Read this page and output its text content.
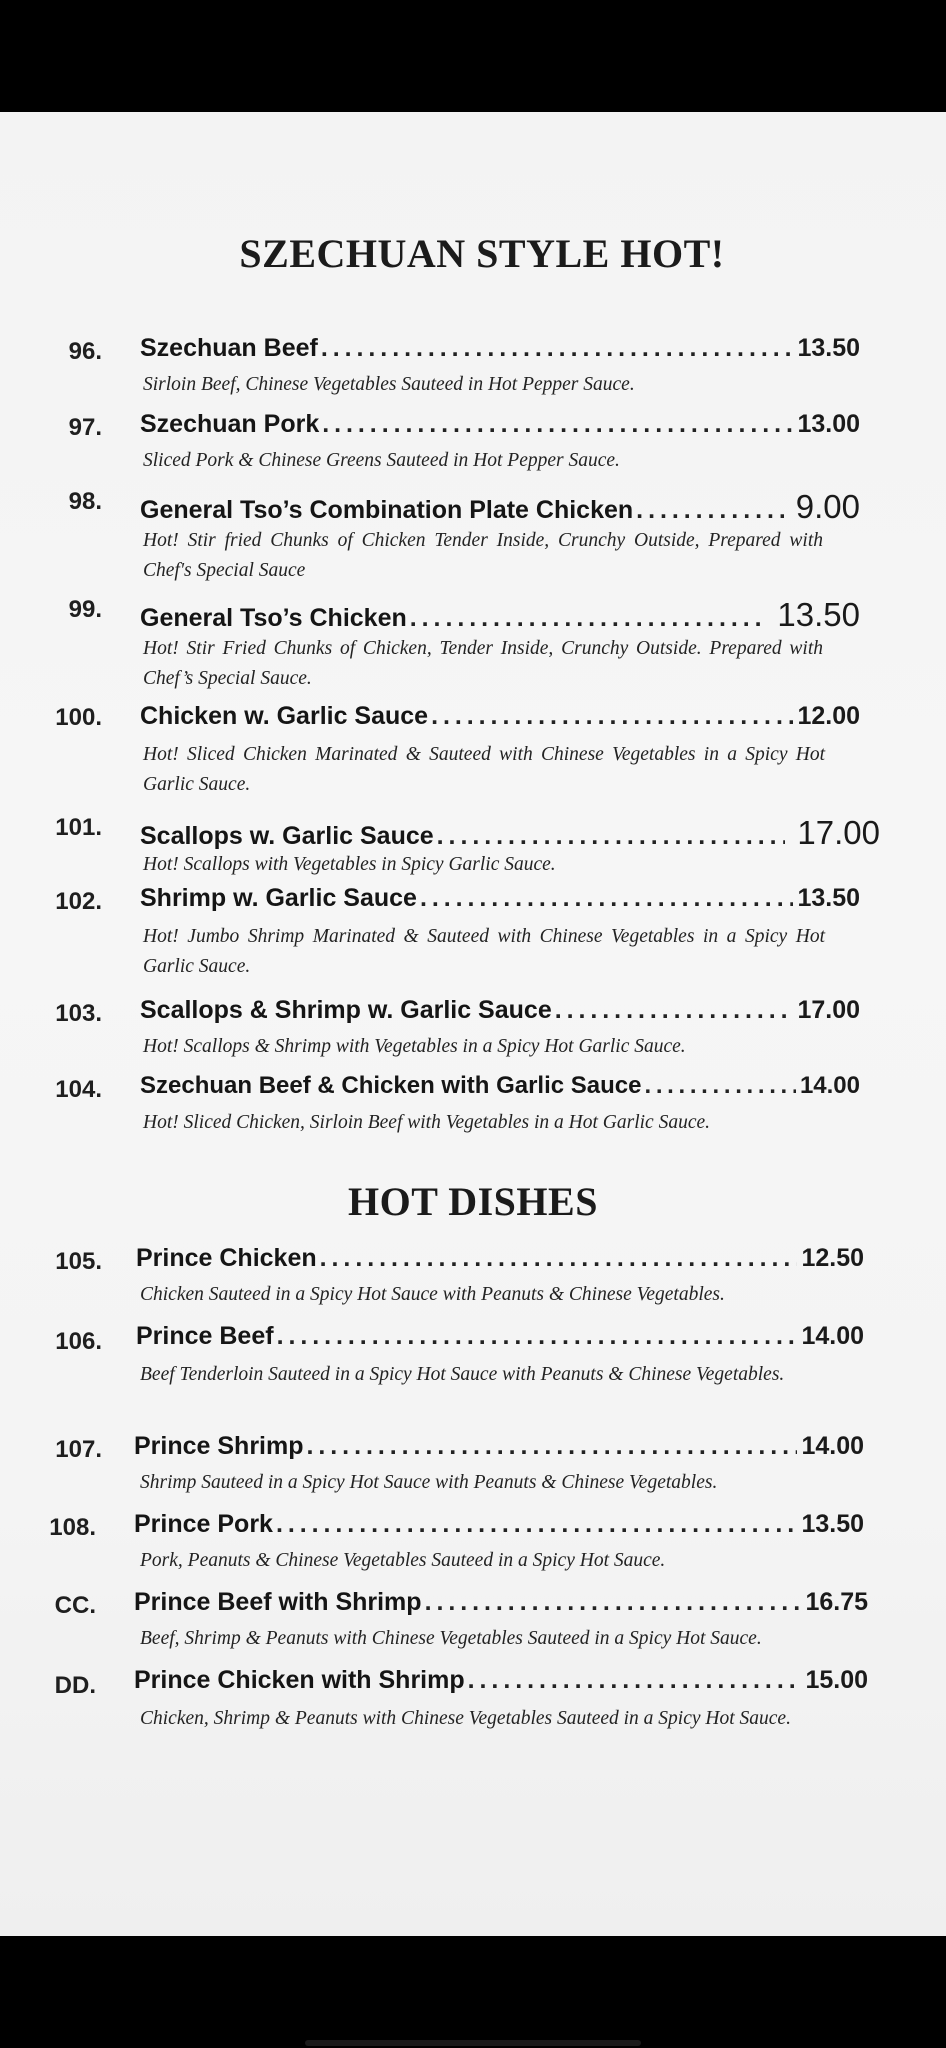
SZECHUAN STYLE HOT!
96. Szechuan Beef . . .	13.50
Sirloin Beef, Chinese Vegetables Sauteed in Hot Pepper Sauce.
97. Szechuan Pork . . .	13.00
Sliced Pork & Chinese Greens Sauteed in Hot Pepper Sauce.
98. General Tso’s Combination Plate Chicken . . .	9.00
Hot! Stir fried Chunks of Chicken Tender Inside, Crunchy Outside, Prepared with Chef's Special Sauce
99. General Tso’s Chicken . . .	13.50
Hot! Stir Fried Chunks of Chicken, Tender Inside, Crunchy Outside. Prepared with Chef’s Special Sauce.
100. Chicken w. Garlic Sauce . . .	12.00
Hot! Sliced Chicken Marinated & Sauteed with Chinese Vegetables in a Spicy Hot Garlic Sauce.
101. Scallops w. Garlic Sauce . . .	17.00
Hot! Scallops with Vegetables in Spicy Garlic Sauce.
102. Shrimp w. Garlic Sauce . . .	13.50
Hot! Jumbo Shrimp Marinated & Sauteed with Chinese Vegetables in a Spicy Hot Garlic Sauce.
103. Scallops & Shrimp w. Garlic Sauce . . .	17.00
Hot! Scallops & Shrimp with Vegetables in a Spicy Hot Garlic Sauce.
104. Szechuan Beef & Chicken with Garlic Sauce . . .	14.00
Hot! Sliced Chicken, Sirloin Beef with Vegetables in a Hot Garlic Sauce.
HOT DISHES
105. Prince Chicken . . .	12.50
Chicken Sauteed in a Spicy Hot Sauce with Peanuts & Chinese Vegetables.
106. Prince Beef . . .	14.00
Beef Tenderloin Sauteed in a Spicy Hot Sauce with Peanuts & Chinese Vegetables.
107. Prince Shrimp . . .	14.00
Shrimp Sauteed in a Spicy Hot Sauce with Peanuts & Chinese Vegetables.
108. Prince Pork . . .	13.50
Pork, Peanuts & Chinese Vegetables Sauteed in a Spicy Hot Sauce.
CC. Prince Beef with Shrimp . . .	16.75
Beef, Shrimp & Peanuts with Chinese Vegetables Sauteed in a Spicy Hot Sauce.
DD. Prince Chicken with Shrimp . . .	15.00
Chicken, Shrimp & Peanuts with Chinese Vegetables Sauteed in a Spicy Hot Sauce.
